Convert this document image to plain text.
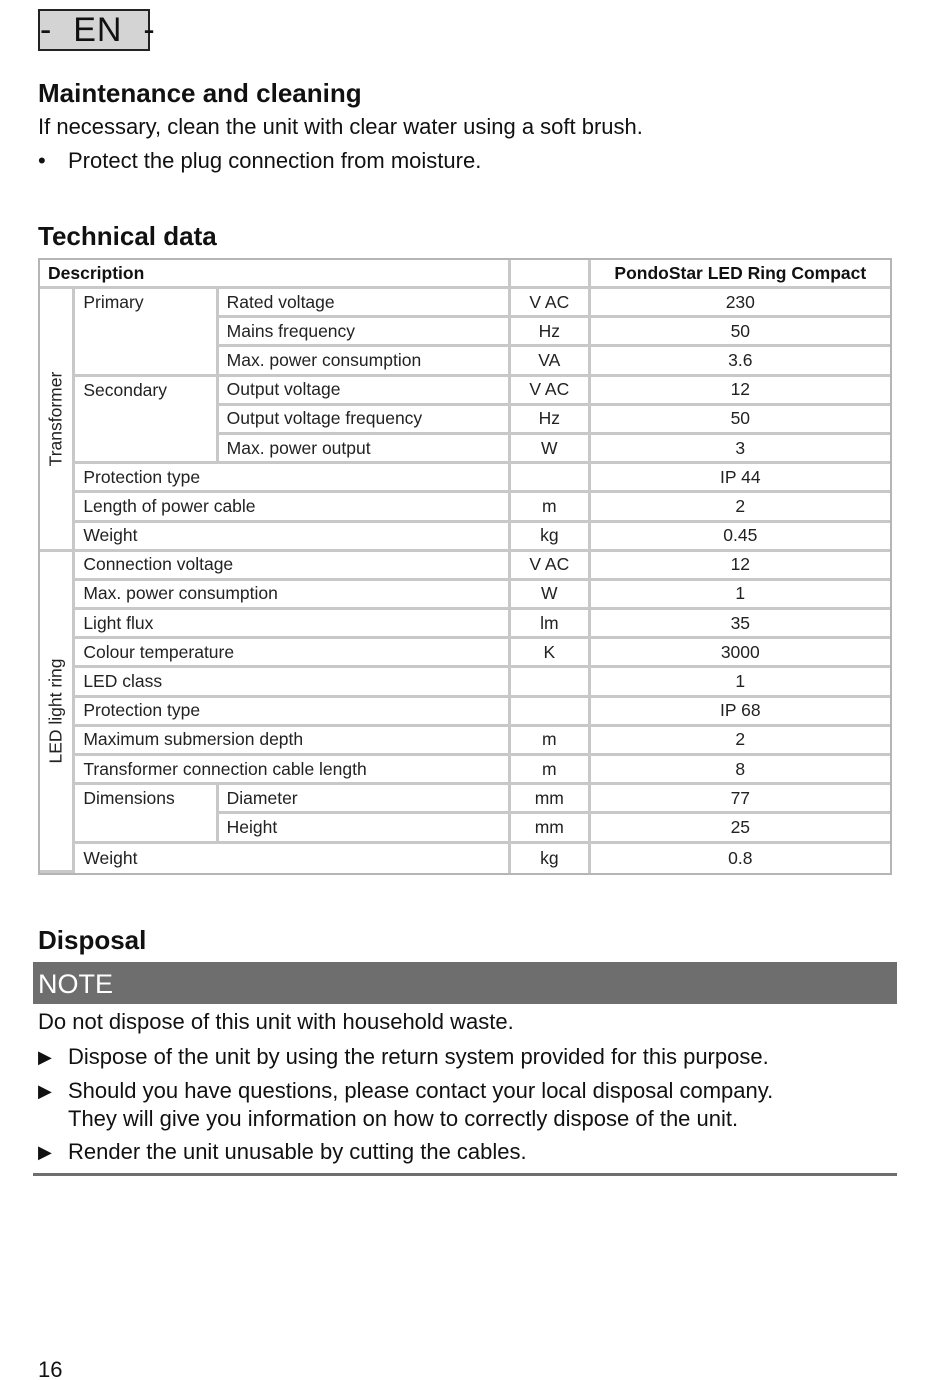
-  EN  -
Maintenance and cleaning
If necessary, clean the unit with clear water using a soft brush.
• Protect the plug connection from moisture.
Technical data
Description				PondoStar LED Ring Compact

Transformer	Primary	Rated voltage	V AC	230
		Mains frequency	Hz	50
		Max. power consumption	VA	3.6
	Secondary	Output voltage	V AC	12
		Output voltage frequency	Hz	50
		Max. power output	W	3
	Protection type			IP 44
	Length of power cable		m	2
	Weight		kg	0.45

LED light ring	Connection voltage		V AC	12
	Max. power consumption		W	1
	Light flux		lm	35
	Colour temperature		K	3000
	LED class			1
	Protection type			IP 68
	Maximum submersion depth		m	2
	Transformer connection cable length		m	8
	Dimensions	Diameter	mm	77
		Height	mm	25
	Weight		kg	0.8
Disposal
NOTE
Do not dispose of this unit with household waste.
▶ Dispose of the unit by using the return system provided for this purpose.
▶ Should you have questions, please contact your local disposal company.
They will give you information on how to correctly dispose of the unit.
▶ Render the unit unusable by cutting the cables.
16
